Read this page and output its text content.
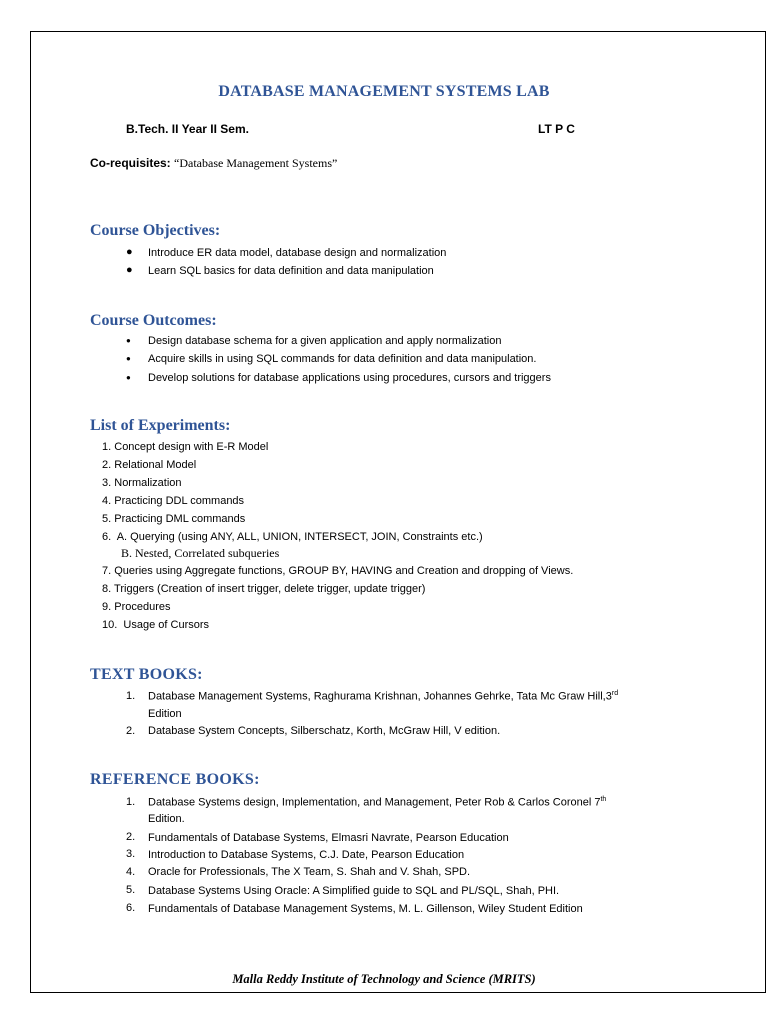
DATABASE MANAGEMENT SYSTEMS LAB
B.Tech. II Year II Sem.	LT P C
Co-requisites: “Database Management Systems”
Course Objectives:
● Introduce ER data model, database design and normalization
● Learn SQL basics for data definition and data manipulation
Course Outcomes:
● Design database schema for a given application and apply normalization
● Acquire skills in using SQL commands for data definition and data manipulation.
● Develop solutions for database applications using procedures, cursors and triggers
List of Experiments:
1. Concept design with E-R Model
2. Relational Model
3. Normalization
4. Practicing DDL commands
5. Practicing DML commands
6. A. Querying (using ANY, ALL, UNION, INTERSECT, JOIN, Constraints etc.)
B. Nested, Correlated subqueries
7. Queries using Aggregate functions, GROUP BY, HAVING and Creation and dropping of Views.
8. Triggers (Creation of insert trigger, delete trigger, update trigger)
9. Procedures
10. Usage of Cursors
TEXT BOOKS:
1. Database Management Systems, Raghurama Krishnan, Johannes Gehrke, Tata Mc Graw Hill,3rd
Edition
2. Database System Concepts, Silberschatz, Korth, McGraw Hill, V edition.
REFERENCE BOOKS:
1. Database Systems design, Implementation, and Management, Peter Rob & Carlos Coronel 7th
Edition.
2. Fundamentals of Database Systems, Elmasri Navrate, Pearson Education
3. Introduction to Database Systems, C.J. Date, Pearson Education
4. Oracle for Professionals, The X Team, S. Shah and V. Shah, SPD.
5. Database Systems Using Oracle: A Simplified guide to SQL and PL/SQL, Shah, PHI.
6. Fundamentals of Database Management Systems, M. L. Gillenson, Wiley Student Edition
Malla Reddy Institute of Technology and Science (MRITS)
